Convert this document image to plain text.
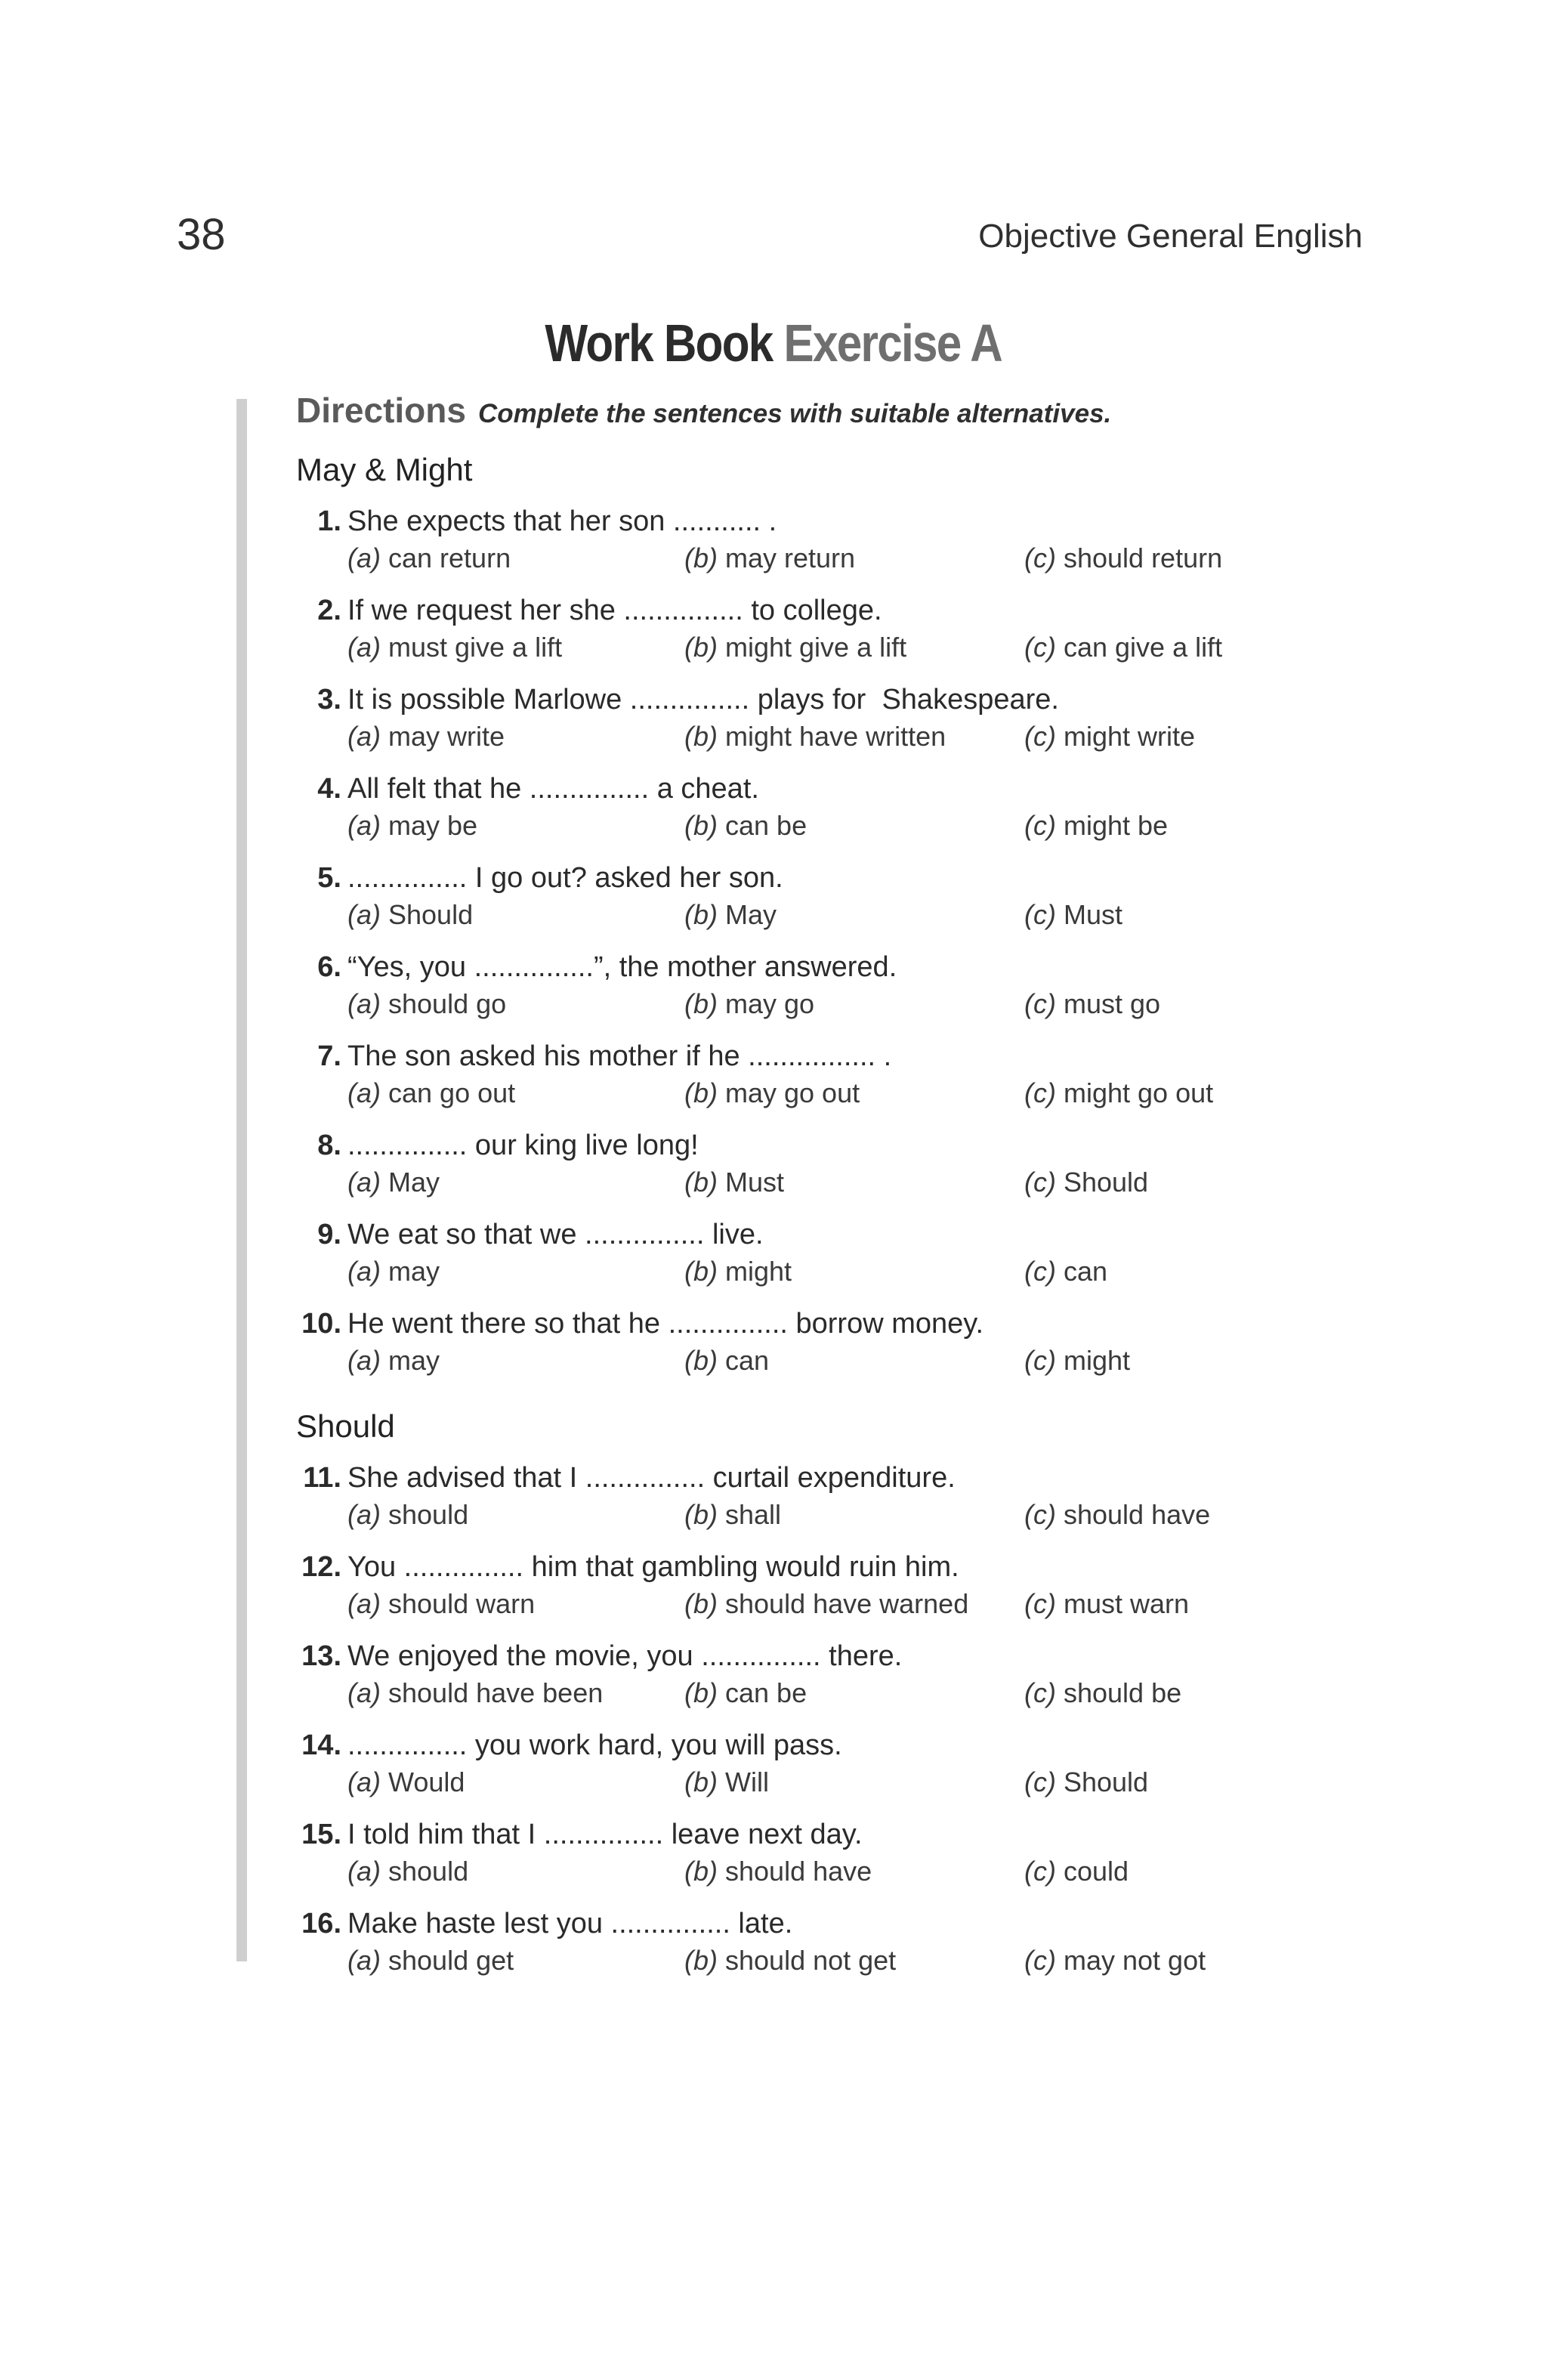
38	Objective General English
Work Book Exercise A
Directions Complete the sentences with suitable alternatives.
May & Might
1. She expects that her son ........... .
(a) can return	(b) may return	(c) should return
2. If we request her she ............... to college.
(a) must give a lift	(b) might give a lift	(c) can give a lift
3. It is possible Marlowe ............... plays for  Shakespeare.
(a) may write	(b) might have written	(c) might write
4. All felt that he ............... a cheat.
(a) may be	(b) can be	(c) might be
5. ............... I go out? asked her son.
(a) Should	(b) May	(c) Must
6. “Yes, you ...............”, the mother answered.
(a) should go	(b) may go	(c) must go
7. The son asked his mother if he ................ .
(a) can go out	(b) may go out	(c) might go out
8. ............... our king live long!
(a) May	(b) Must	(c) Should
9. We eat so that we ............... live.
(a) may	(b) might	(c) can
10. He went there so that he ............... borrow money.
(a) may	(b) can	(c) might
Should
11. She advised that I ............... curtail expenditure.
(a) should	(b) shall	(c) should have
12. You ............... him that gambling would ruin him.
(a) should warn	(b) should have warned (c) must warn
13. We enjoyed the movie, you ............... there.
(a) should have been	(b) can be	(c) should be
14. ............... you work hard, you will pass.
(a) Would	(b) Will	(c) Should
15. I told him that I ............... leave next day.
(a) should	(b) should have	(c) could
16. Make haste lest you ............... late.
(a) should get	(b) should not get	(c) may not got
